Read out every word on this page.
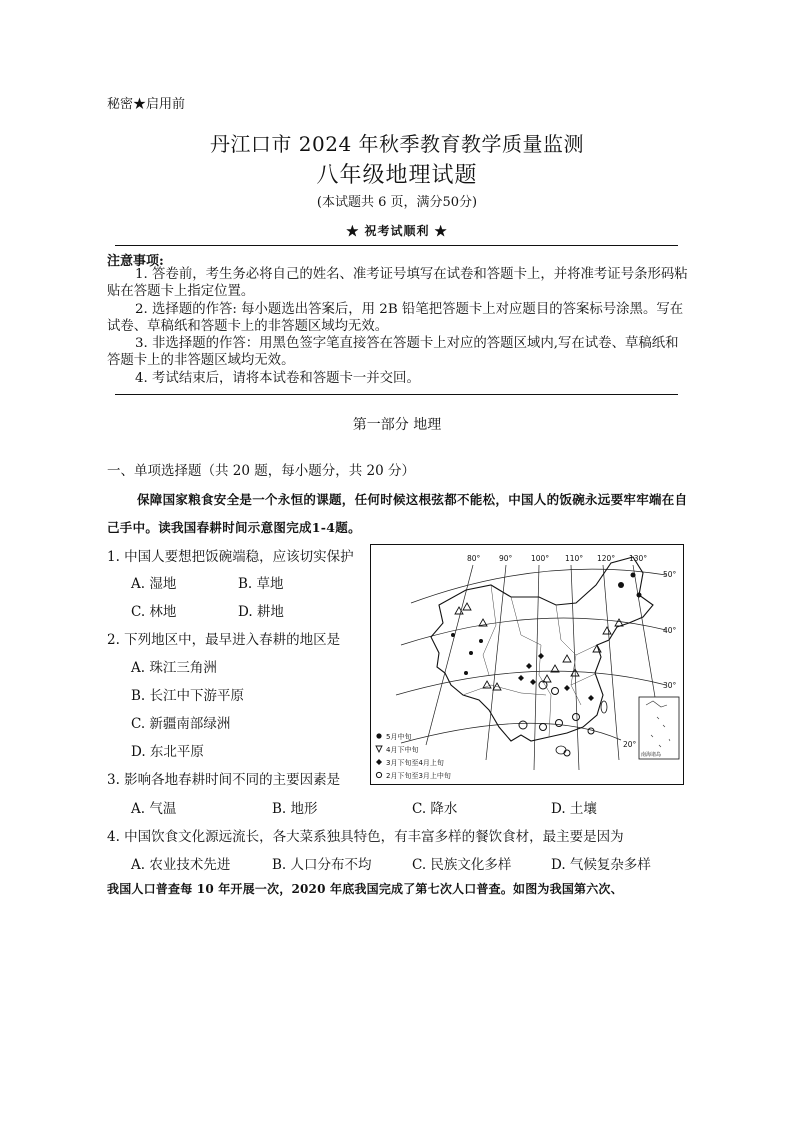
秘密★启用前
丹江口市 2024 年秋季教育教学质量监测
八年级地理试题
(本试题共 6 页，满分50分)
★ 祝考试顺利 ★
注意事项:

1. 答卷前，考生务必将自己的姓名、准考证号填写在试卷和答题卡上，并将准考证号条形码粘贴在答题卡上指定位置。

2. 选择题的作答: 每小题选出答案后，用 2B 铅笔把答题卡上对应题目的答案标号涂黑。写在试卷、草稿纸和答题卡上的非答题区域均无效。

3. 非选择题的作答：用黑色签字笔直接答在答题卡上对应的答题区域内,写在试卷、草稿纸和答题卡上的非答题区域均无效。

4. 考试结束后，请将本试卷和答题卡一并交回。

第一部分 地理
一、单项选择题（共 20 题，每小题分，共 20 分）
保障国家粮食安全是一个永恒的课题，任何时候这根弦都不能松，中国人的饭碗永远要牢牢端在自己手中。读我国春耕时间示意图完成1-4题。
1. 中国人要想把饭碗端稳，应该切实保护
A. 湿地	B. 草地
C. 林地	D. 耕地
2. 下列地区中，最早进入春耕的地区是
A. 珠江三角洲
B. 长江中下游平原
C. 新疆南部绿洲
D. 东北平原
3. 影响各地春耕时间不同的主要因素是
A. 气温	B. 地形	C. 降水	D. 土壤
4. 中国饮食文化源远流长，各大菜系独具特色，有丰富多样的餐饮食材，最主要是因为
A. 农业技术先进	B. 人口分布不均	C. 民族文化多样	D. 气候复杂多样
80° 90° 100° 110° 120° 130°
50°
40°
30°
20°
南海诸岛
5月中旬
4月下中旬
3月下旬至4月上旬
2月下旬至3月上中旬
我国人口普查每 10 年开展一次，2020 年底我国完成了第七次人口普查。如图为我国第六次、
